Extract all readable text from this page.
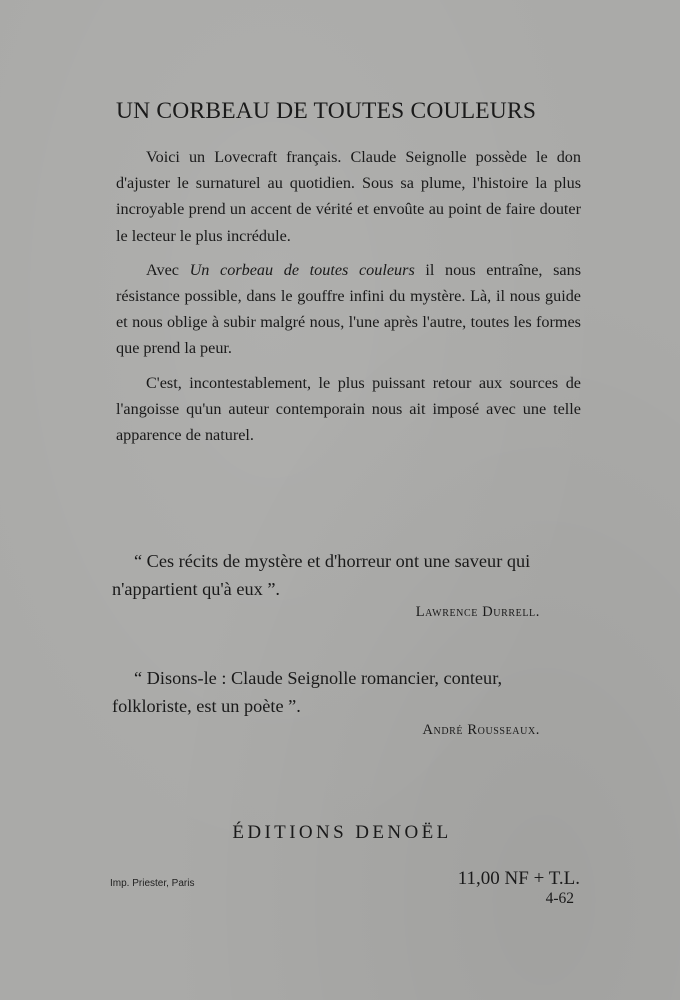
UN CORBEAU DE TOUTES COULEURS

Voici un Lovecraft français. Claude Seignolle possède le don d'ajuster le surnaturel au quotidien. Sous sa plume, l'histoire la plus incroyable prend un accent de vérité et envoûte au point de faire douter le lecteur le plus incrédule.

Avec Un corbeau de toutes couleurs il nous entraîne, sans résistance possible, dans le gouffre infini du mystère. Là, il nous guide et nous oblige à subir malgré nous, l'une après l'autre, toutes les formes que prend la peur.

C'est, incontestablement, le plus puissant retour aux sources de l'angoisse qu'un auteur contemporain nous ait imposé avec une telle apparence de naturel.

“ Ces récits de mystère et d'horreur ont une saveur qui n'appartient qu'à eux ”.

Lawrence Durrell.

“ Disons-le : Claude Seignolle romancier, conteur, folkloriste, est un poète ”.

André Rousseaux.
ÉDITIONS DENOËL
Imp. Priester, Paris	11,00 NF + T.L.
4-62
